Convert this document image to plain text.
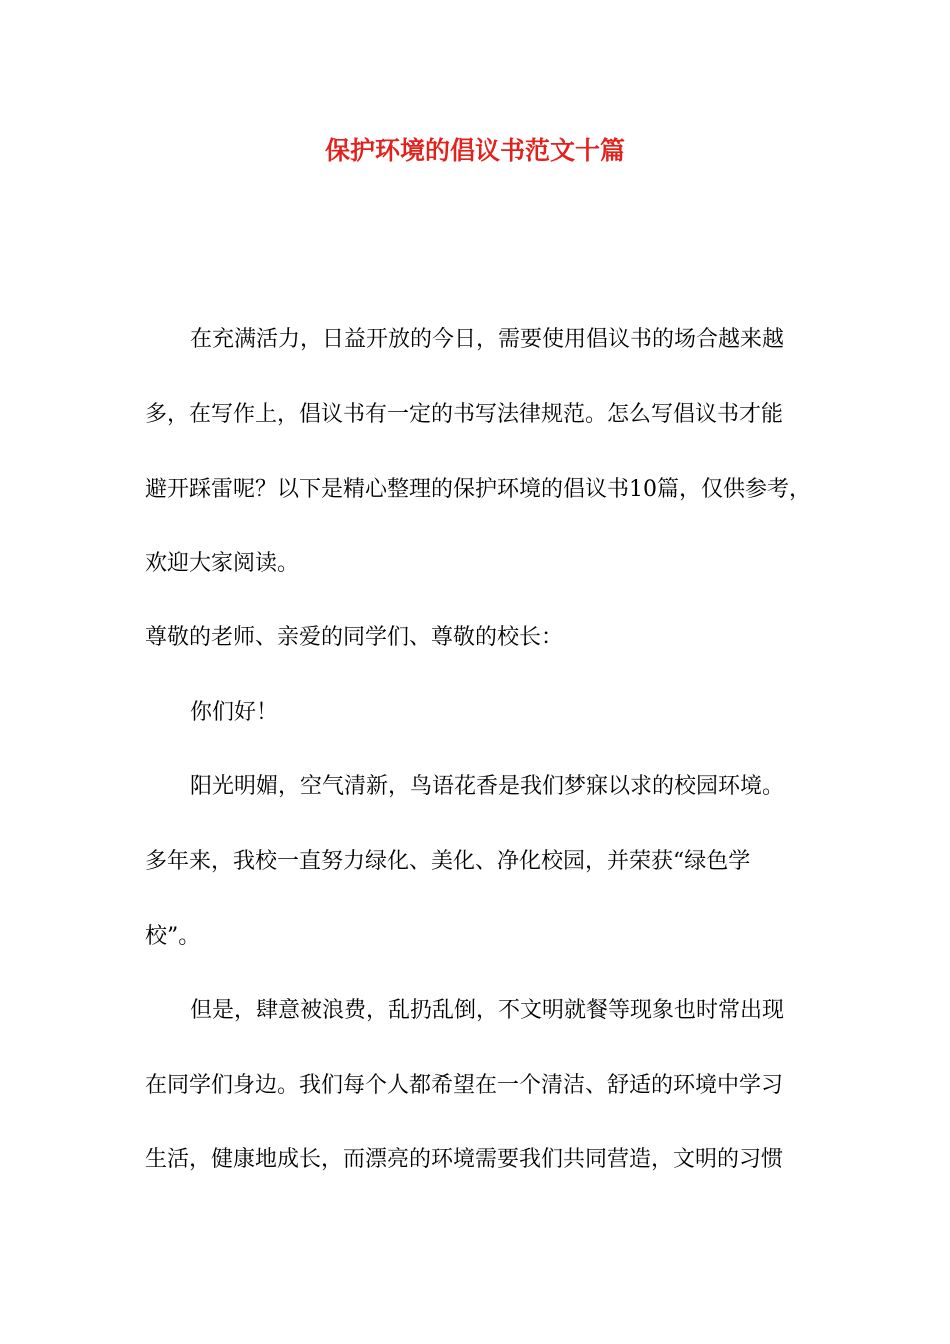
保护环境的倡议书范文十篇
在充满活力，日益开放的今日，需要使用倡议书的场合越来越
多，在写作上，倡议书有一定的书写法律规范。怎么写倡议书才能
避开踩雷呢？以下是精心整理的保护环境的倡议书10篇，仅供参考，
欢迎大家阅读。
尊敬的老师、亲爱的同学们、尊敬的校长：
你们好！
阳光明媚，空气清新，鸟语花香是我们梦寐以求的校园环境。
多年来，我校一直努力绿化、美化、净化校园，并荣获“绿色学
校”。
但是，肆意被浪费，乱扔乱倒，不文明就餐等现象也时常出现
在同学们身边。我们每个人都希望在一个清洁、舒适的环境中学习
生活，健康地成长，而漂亮的环境需要我们共同营造，文明的习惯
